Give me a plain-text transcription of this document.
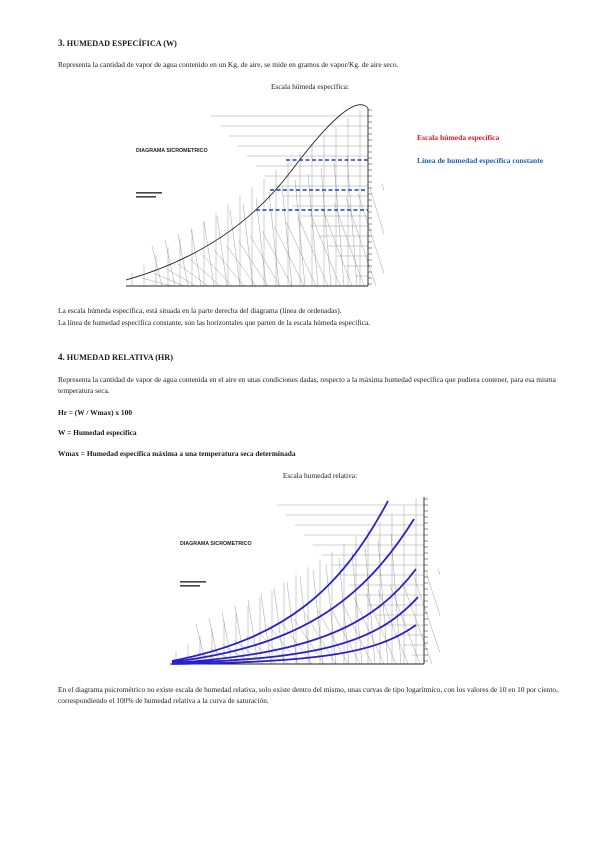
3. HUMEDAD ESPECÍFICA (W)
Representa la cantidad de vapor de agua contenido en un Kg. de aire, se mide en gramos de vapor/Kg. de aire seco.
Escala húmeda específica:
DIAGRAMA SICROMETRICO
Escala húmeda específica
Línea de humedad específica constante
La escala húmeda específica, está situada en la parte derecha del diagrama (línea de ordenadas).
La línea de humedad específica constante, son las horizontales que parten de la escala húmeda específica.
4. HUMEDAD RELATIVA (HR)
Representa la cantidad de vapor de agua contenida en el aire en unas condiciones dadas, respecto a la máxima humedad específica que pudiera contener, para esa misma temperatura seca.
Hr = (W / Wmax) x 100
W = Humedad específica
Wmax = Humedad específica máxima a una temperatura seca determinada
Escala humedad relativa:
DIAGRAMA SICROMETRICO
En el diagrama psicrométrico no existe escala de humedad relativa, solo existe dentro del mismo, unas curvas de tipo logarítmico, con los valores de 10 en 10 por ciento, correspondiendo el 100% de humedad relativa a la curva de saturación.
